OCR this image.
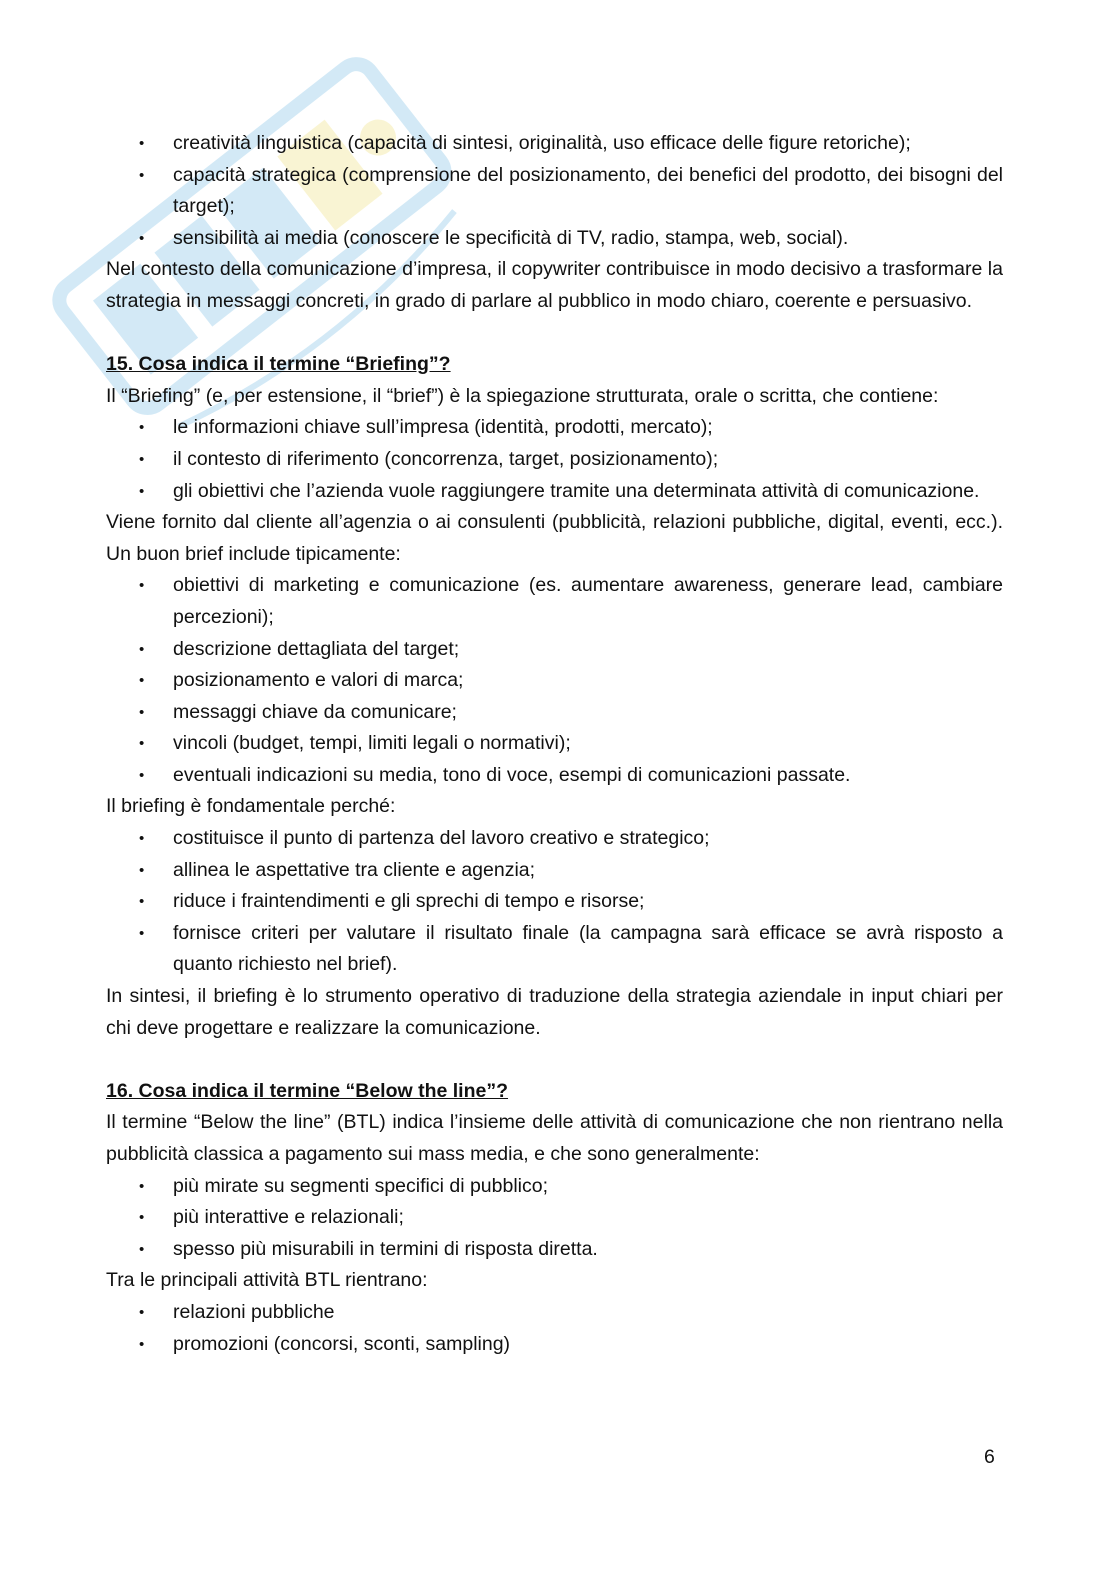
• creatività linguistica (capacità di sintesi, originalità, uso efficace delle figure retoriche);
• capacità strategica (comprensione del posizionamento, dei benefici del prodotto, dei bisogni del target);
• sensibilità ai media (conoscere le specificità di TV, radio, stampa, web, social).

Nel contesto della comunicazione d’impresa, il copywriter contribuisce in modo decisivo a trasformare la strategia in messaggi concreti, in grado di parlare al pubblico in modo chiaro, coerente e persuasivo.

15. Cosa indica il termine “Briefing”?

Il “Briefing” (e, per estensione, il “brief”) è la spiegazione strutturata, orale o scritta, che contiene:

• le informazioni chiave sull’impresa (identità, prodotti, mercato);
• il contesto di riferimento (concorrenza, target, posizionamento);
• gli obiettivi che l’azienda vuole raggiungere tramite una determinata attività di comunicazione.

Viene fornito dal cliente all’agenzia o ai consulenti (pubblicità, relazioni pubbliche, digital, eventi, ecc.). Un buon brief include tipicamente:

• obiettivi di marketing e comunicazione (es. aumentare awareness, generare lead, cambiare percezioni);
• descrizione dettagliata del target;
• posizionamento e valori di marca;
• messaggi chiave da comunicare;
• vincoli (budget, tempi, limiti legali o normativi);
• eventuali indicazioni su media, tono di voce, esempi di comunicazioni passate.

Il briefing è fondamentale perché:

• costituisce il punto di partenza del lavoro creativo e strategico;
• allinea le aspettative tra cliente e agenzia;
• riduce i fraintendimenti e gli sprechi di tempo e risorse;
• fornisce criteri per valutare il risultato finale (la campagna sarà efficace se avrà risposto a quanto richiesto nel brief).

In sintesi, il briefing è lo strumento operativo di traduzione della strategia aziendale in input chiari per chi deve progettare e realizzare la comunicazione.

16. Cosa indica il termine “Below the line”?

Il termine “Below the line” (BTL) indica l’insieme delle attività di comunicazione che non rientrano nella pubblicità classica a pagamento sui mass media, e che sono generalmente:

• più mirate su segmenti specifici di pubblico;
• più interattive e relazionali;
• spesso più misurabili in termini di risposta diretta.

Tra le principali attività BTL rientrano:

• relazioni pubbliche
• promozioni (concorsi, sconti, sampling)
6
